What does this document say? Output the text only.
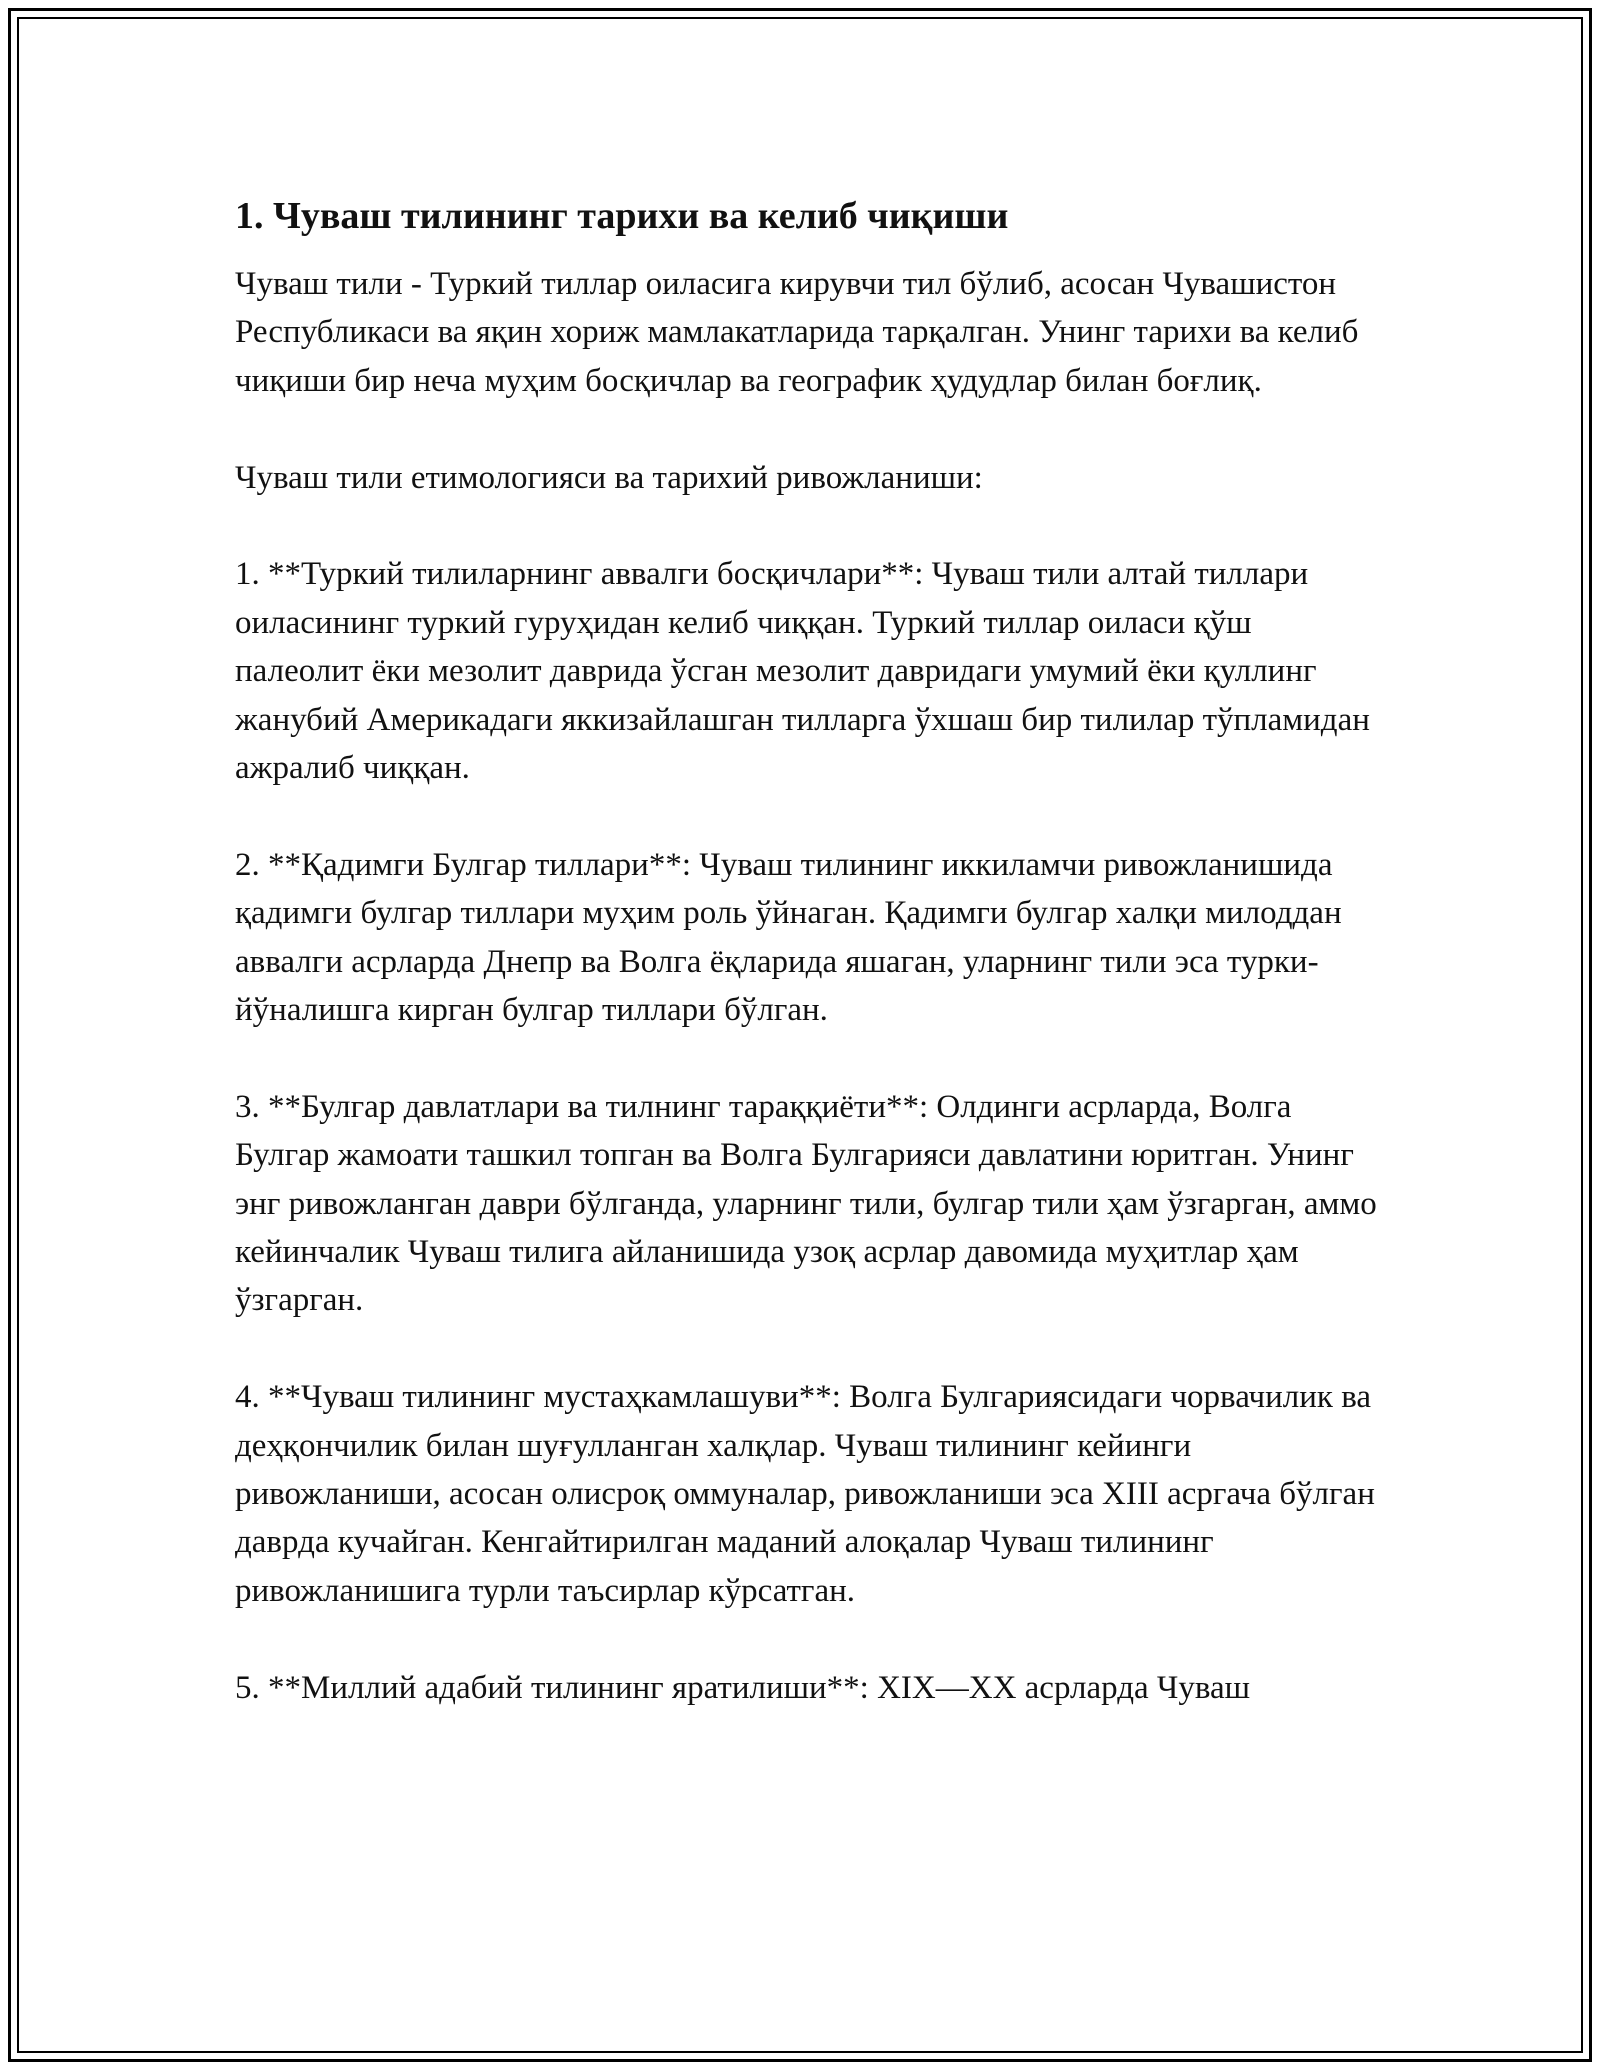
1. Чуваш тилининг тарихи ва келиб чиқиши

Чуваш тили - Туркий тиллар оиласига кирувчи тил бўлиб, асосан Чувашистон Республикаси ва яқин хориж мамлакатларида тарқалган. Унинг тарихи ва келиб чиқиши бир неча муҳим босқичлар ва географик ҳудудлар билан боғлиқ.

Чуваш тили етимологияси ва тарихий ривожланиши:

1. **Туркий тилиларнинг аввалги босқичлари**: Чуваш тили алтай тиллари оиласининг туркий гуруҳидан келиб чиққан. Туркий тиллар оиласи қўш палеолит ёки мезолит даврида ўсган мезолит давридаги умумий ёки қуллинг жанубий Америкадаги яккизайлашган тилларга ўхшаш бир тилилар тўпламидан ажралиб чиққан.

2. **Қадимги Булгар тиллари**: Чуваш тилининг иккиламчи ривожланишида қадимги булгар тиллари муҳим роль ўйнаган. Қадимги булгар халқи милоддан аввалги асрларда Днепр ва Волга ёқларида яшаган, уларнинг тили эса турки-йўналишга кирган булгар тиллари бўлган.

3. **Булгар давлатлари ва тилнинг тараққиёти**: Олдинги асрларда, Волга Булгар жамоати ташкил топган ва Волга Булгарияси давлатини юритган. Унинг энг ривожланган даври бўлганда, уларнинг тили, булгар тили ҳам ўзгарган, аммо кейинчалик Чуваш тилига айланишида узоқ асрлар давомида муҳитлар ҳам ўзгарган.

4. **Чуваш тилининг мустаҳкамлашуви**: Волга Булгариясидаги чорвачилик ва деҳқончилик билан шуғулланган халқлар. Чуваш тилининг кейинги ривожланиши, асосан олисроқ оммуналар, ривожланиши эса XIII асргача бўлган даврда кучайган. Кенгайтирилган маданий алоқалар Чуваш тилининг ривожланишига турли таъсирлар кўрсатган.

5. **Миллий адабий тилининг яратилиши**: XIX—XX асрларда Чуваш
